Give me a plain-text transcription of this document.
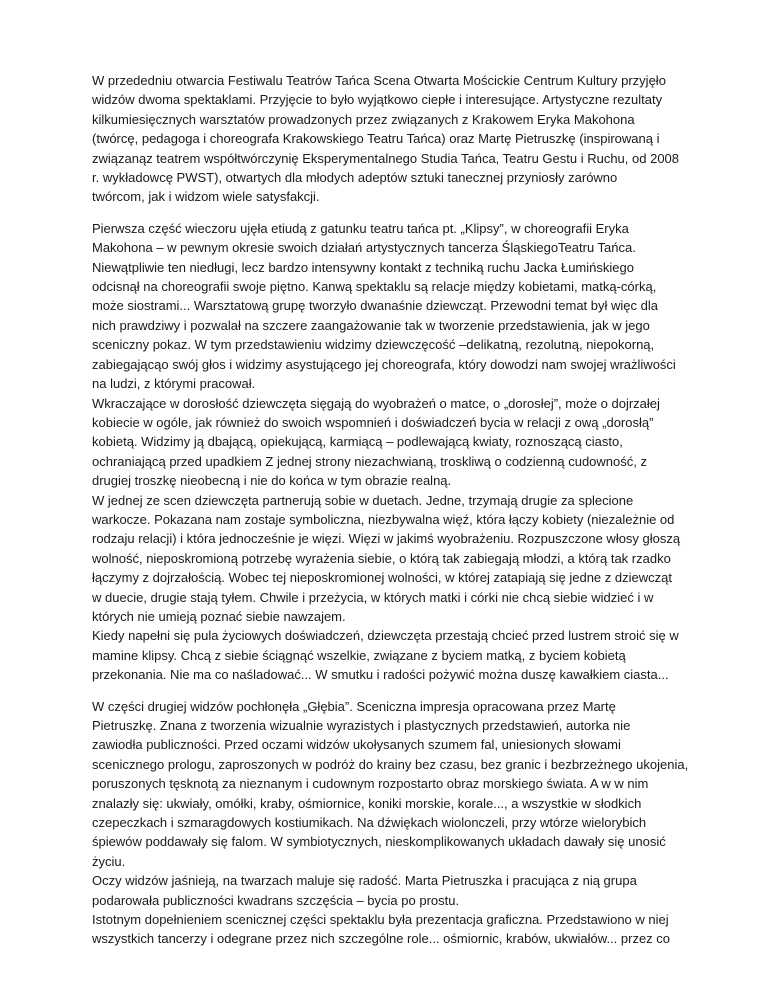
W przededniu otwarcia Festiwalu Teatrów Tańca Scena Otwarta Mościckie Centrum Kultury przyjęło
widzów dwoma spektaklami. Przyjęcie to było wyjątkowo ciepłe i interesujące. Artystyczne rezultaty
kilkumiesięcznych warsztatów prowadzonych przez związanych z Krakowem Eryka Makohona
(twórcę, pedagoga i choreografa Krakowskiego Teatru Tańca) oraz Martę Pietruszkę (inspirowaną i
związanąz teatrem współtwórczynię Eksperymentalnego Studia Tańca, Teatru Gestu i Ruchu, od 2008
r. wykładowcę PWST), otwartych dla młodych adeptów sztuki tanecznej przyniosły zarówno
twórcom, jak i widzom wiele satysfakcji.
Pierwsza część wieczoru ujęła etiudą z gatunku teatru tańca pt. „Klipsy”, w choreografii Eryka
Makohona – w pewnym okresie swoich działań artystycznych tancerza ŚląskiegoTeatru Tańca.
Niewątpliwie ten niedługi, lecz bardzo intensywny kontakt z techniką ruchu Jacka Łumińskiego
odcisnął na choreografii swoje piętno. Kanwą spektaklu są relacje między kobietami, matką-córką,
może siostrami... Warsztatową grupę tworzyło dwanaśnie dziewcząt. Przewodni temat był więc dla
nich prawdziwy i pozwalał na szczere zaangażowanie tak w tworzenie przedstawienia, jak w jego
sceniczny pokaz. W tym przedstawieniu widzimy dziewczęcość –delikatną, rezolutną, niepokorną,
zabiegającąo swój głos i widzimy asystującego jej choreografa, który dowodzi nam swojej wrażliwości
na ludzi, z którymi pracował.
Wkraczające w dorosłość dziewczęta sięgają do wyobrażeń o matce, o „dorosłej”, może o dojrzałej
kobiecie w ogóle, jak również do swoich wspomnień i doświadczeń bycia w relacji z ową „dorosłą”
kobietą. Widzimy ją dbającą, opiekującą, karmiącą – podlewającą kwiaty, roznoszącą ciasto,
ochraniającą przed upadkiem Z jednej strony niezachwianą, troskliwą o codzienną cudowność, z
drugiej troszkę nieobecną i nie do końca w tym obrazie realną.
W jednej ze scen dziewczęta partnerują sobie w duetach. Jedne, trzymają drugie za splecione
warkocze. Pokazana nam zostaje symboliczna, niezbywalna więź, która łączy kobiety (niezależnie od
rodzaju relacji) i która jednocześnie je więzi. Więzi w jakimś wyobrażeniu. Rozpuszczone włosy głoszą
wolność, nieposkromioną potrzebę wyrażenia siebie, o którą tak zabiegają młodzi, a którą tak rzadko
łączymy z dojrzałością. Wobec tej nieposkromionej wolności, w której zatapiają się jedne z dziewcząt
w duecie, drugie stają tyłem. Chwile i przeżycia, w których matki i córki nie chcą siebie widzieć i w
których nie umieją poznać siebie nawzajem.
Kiedy napełni się pula życiowych doświadczeń, dziewczęta przestają chcieć przed lustrem stroić się w
mamine klipsy. Chcą z siebie ściągnąć wszelkie, związane z byciem matką, z byciem kobietą
przekonania. Nie ma co naśladować... W smutku i radości pożywić można duszę kawałkiem ciasta...
W części drugiej widzów pochłonęła „Głębia”. Sceniczna impresja opracowana przez Martę
Pietruszkę. Znana z tworzenia wizualnie wyrazistych i plastycznych przedstawień, autorka nie
zawiodła publiczności. Przed oczami widzów ukołysanych szumem fal, uniesionych słowami
scenicznego prologu, zaproszonych w podróż do krainy bez czasu, bez granic i bezbrzeżnego ukojenia,
poruszonych tęsknotą za nieznanym i cudownym rozpostarto obraz morskiego świata. A w w nim
znalazły się: ukwiały, omółki, kraby, ośmiornice, koniki morskie, korale..., a wszystkie w słodkich
czepeczkach i szmaragdowych kostiumikach. Na dźwiękach wiolonczeli, przy wtórze wielorybich
śpiewów poddawały się falom. W symbiotycznych, nieskomplikowanych układach dawały się unosić
życiu.
Oczy widzów jaśnieją, na twarzach maluje się radość. Marta Pietruszka i pracująca z nią grupa
podarowała publiczności kwadrans szczęścia – bycia po prostu.
Istotnym dopełnieniem scenicznej części spektaklu była prezentacja graficzna. Przedstawiono w niej
wszystkich tancerzy i odegrane przez nich szczególne role... ośmiornic, krabów, ukwiałów... przez co
